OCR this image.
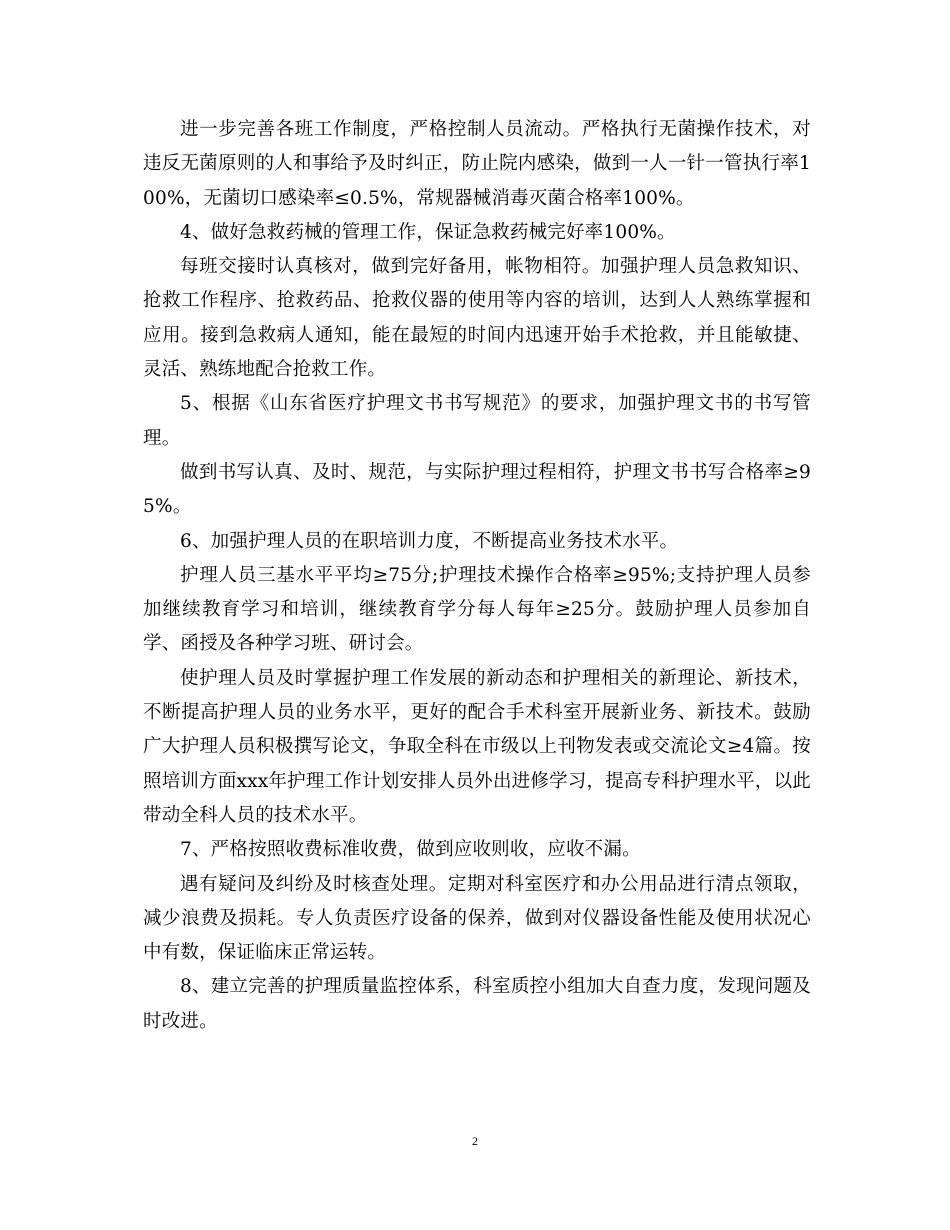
进一步完善各班工作制度，严格控制人员流动。严格执行无菌操作技术，对违反无菌原则的人和事给予及时纠正，防止院内感染，做到一人一针一管执行率100%，无菌切口感染率≤0.5%，常规器械消毒灭菌合格率100%。

4、做好急救药械的管理工作，保证急救药械完好率100%。

每班交接时认真核对，做到完好备用，帐物相符。加强护理人员急救知识、抢救工作程序、抢救药品、抢救仪器的使用等内容的培训，达到人人熟练掌握和应用。接到急救病人通知，能在最短的时间内迅速开始手术抢救，并且能敏捷、灵活、熟练地配合抢救工作。

5、根据《山东省医疗护理文书书写规范》的要求，加强护理文书的书写管理。

做到书写认真、及时、规范，与实际护理过程相符，护理文书书写合格率≥95%。

6、加强护理人员的在职培训力度，不断提高业务技术水平。

护理人员三基水平平均≥75分;护理技术操作合格率≥95%;支持护理人员参加继续教育学习和培训，继续教育学分每人每年≥25分。鼓励护理人员参加自学、函授及各种学习班、研讨会。

使护理人员及时掌握护理工作发展的新动态和护理相关的新理论、新技术，不断提高护理人员的业务水平，更好的配合手术科室开展新业务、新技术。鼓励广大护理人员积极撰写论文，争取全科在市级以上刊物发表或交流论文≥4篇。按照培训方面xxx年护理工作计划安排人员外出进修学习，提高专科护理水平，以此带动全科人员的技术水平。

7、严格按照收费标准收费，做到应收则收，应收不漏。

遇有疑问及纠纷及时核查处理。定期对科室医疗和办公用品进行清点领取，减少浪费及损耗。专人负责医疗设备的保养，做到对仪器设备性能及使用状况心中有数，保证临床正常运转。

8、建立完善的护理质量监控体系，科室质控小组加大自查力度，发现问题及时改进。

2
